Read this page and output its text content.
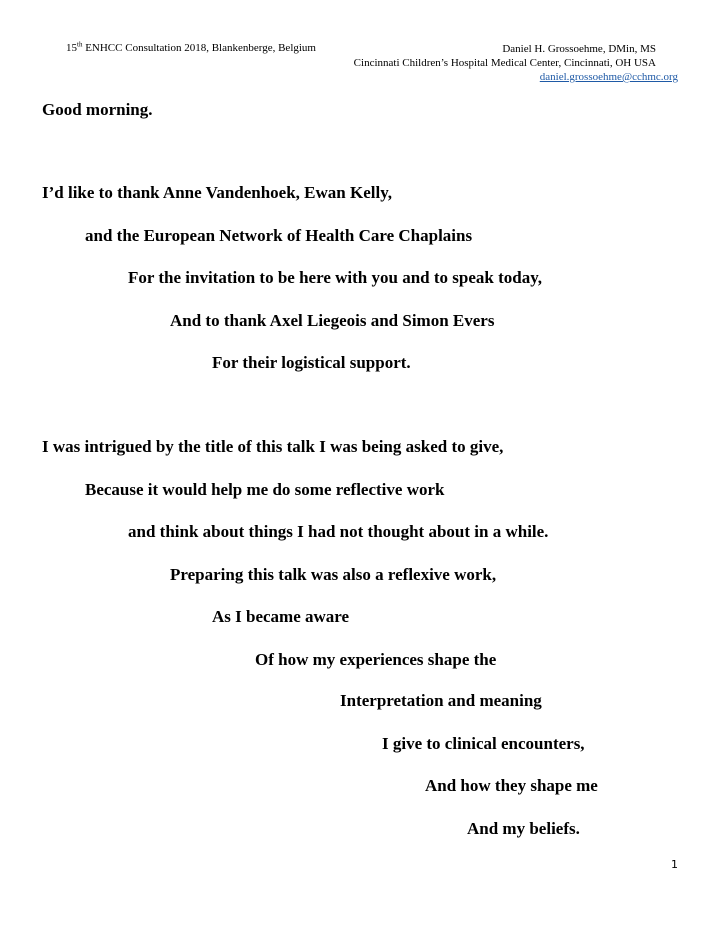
15th ENHCC Consultation 2018, Blankenberge, Belgium	Daniel H. Grossoehme, DMin, MS
Cincinnati Children’s Hospital Medical Center, Cincinnati, OH USA
daniel.grossoehme@cchmc.org
Good morning.
I’d like to thank Anne Vandenhoek, Ewan Kelly,
and the European Network of Health Care Chaplains
For the invitation to be here with you and to speak today,
And to thank Axel Liegeois and Simon Evers
For their logistical support.
I was intrigued by the title of this talk I was being asked to give,
Because it would help me do some reflective work
and think about things I had not thought about in a while.
Preparing this talk was also a reflexive work,
As I became aware
Of how my experiences shape the
Interpretation and meaning
I give to clinical encounters,
And how they shape me
And my beliefs.
1
